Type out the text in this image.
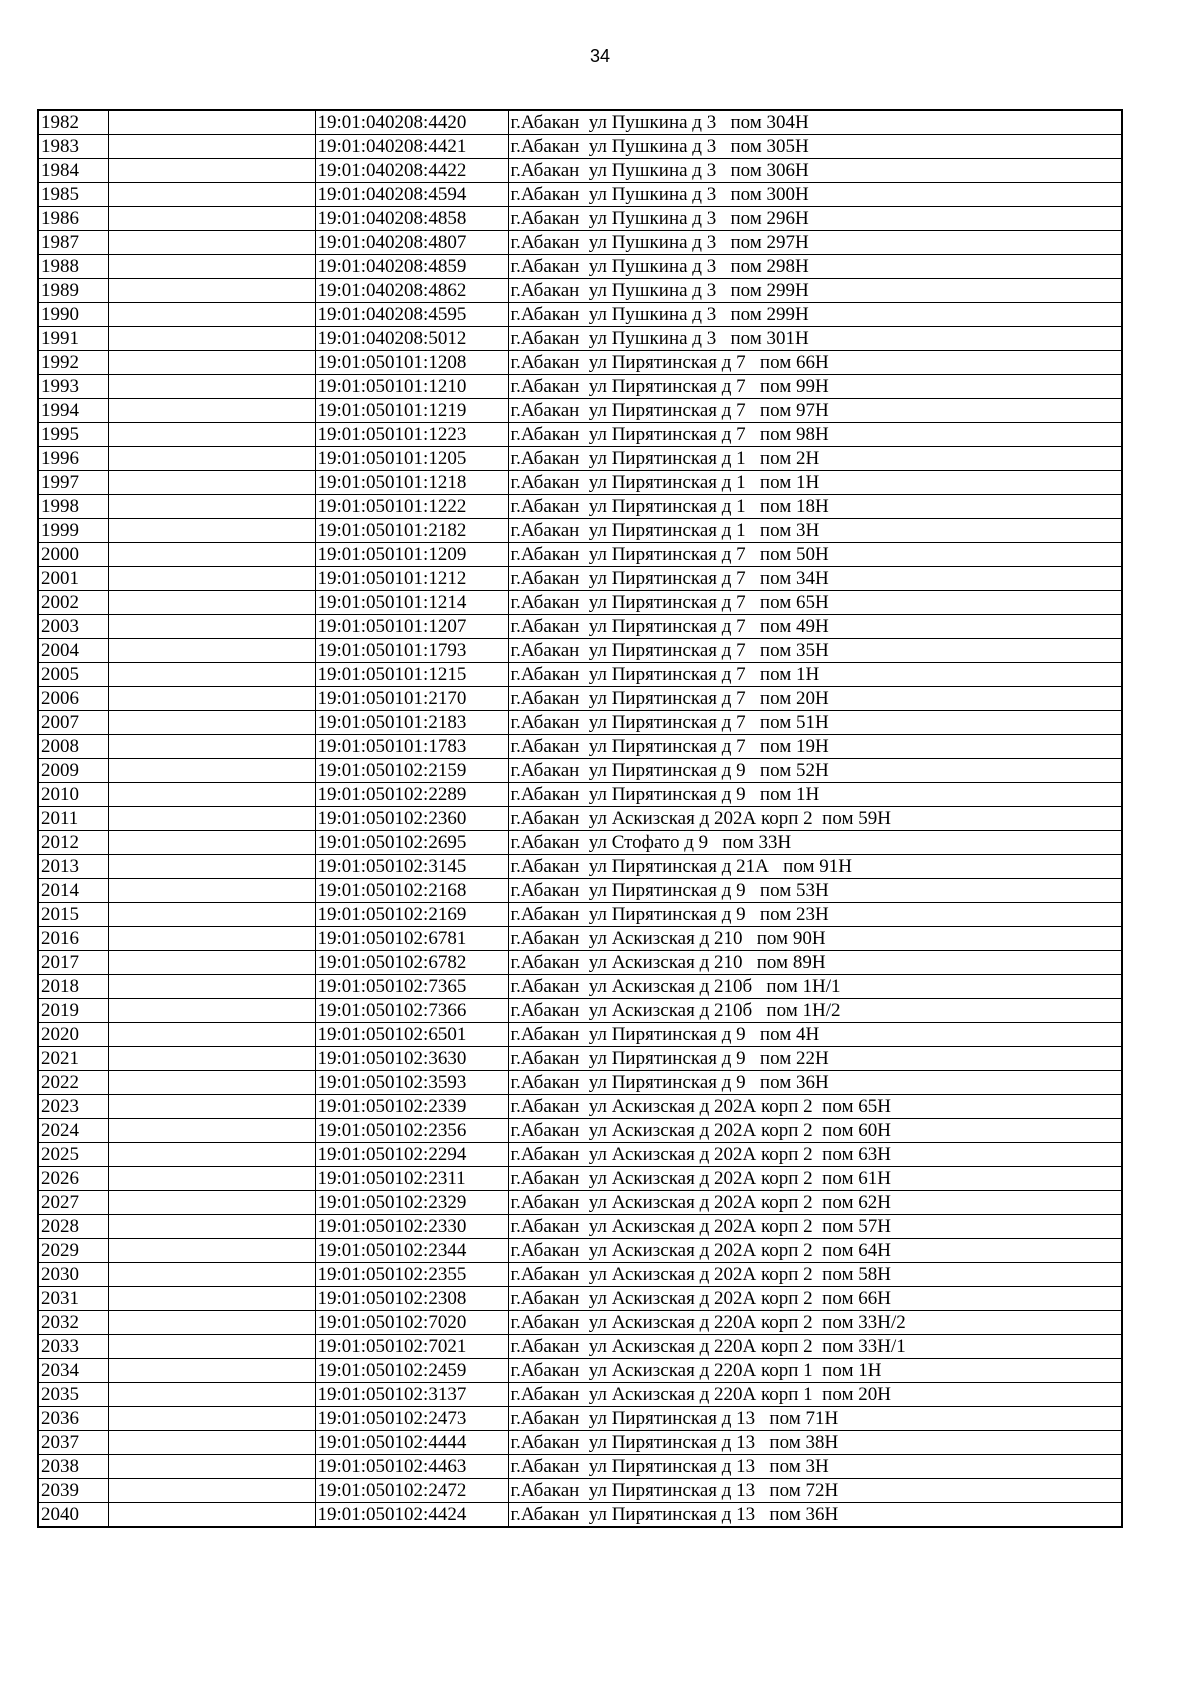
34
1982		19:01:040208:4420	г.Абакан  ул Пушкина д 3   пом 304Н
1983		19:01:040208:4421	г.Абакан  ул Пушкина д 3   пом 305Н
1984		19:01:040208:4422	г.Абакан  ул Пушкина д 3   пом 306Н
1985		19:01:040208:4594	г.Абакан  ул Пушкина д 3   пом 300Н
1986		19:01:040208:4858	г.Абакан  ул Пушкина д 3   пом 296Н
1987		19:01:040208:4807	г.Абакан  ул Пушкина д 3   пом 297Н
1988		19:01:040208:4859	г.Абакан  ул Пушкина д 3   пом 298Н
1989		19:01:040208:4862	г.Абакан  ул Пушкина д 3   пом 299Н
1990		19:01:040208:4595	г.Абакан  ул Пушкина д 3   пом 299Н
1991		19:01:040208:5012	г.Абакан  ул Пушкина д 3   пом 301Н
1992		19:01:050101:1208	г.Абакан  ул Пирятинская д 7   пом 66Н
1993		19:01:050101:1210	г.Абакан  ул Пирятинская д 7   пом 99Н
1994		19:01:050101:1219	г.Абакан  ул Пирятинская д 7   пом 97Н
1995		19:01:050101:1223	г.Абакан  ул Пирятинская д 7   пом 98Н
1996		19:01:050101:1205	г.Абакан  ул Пирятинская д 1   пом 2Н
1997		19:01:050101:1218	г.Абакан  ул Пирятинская д 1   пом 1Н
1998		19:01:050101:1222	г.Абакан  ул Пирятинская д 1   пом 18Н
1999		19:01:050101:2182	г.Абакан  ул Пирятинская д 1   пом 3Н
2000		19:01:050101:1209	г.Абакан  ул Пирятинская д 7   пом 50Н
2001		19:01:050101:1212	г.Абакан  ул Пирятинская д 7   пом 34Н
2002		19:01:050101:1214	г.Абакан  ул Пирятинская д 7   пом 65Н
2003		19:01:050101:1207	г.Абакан  ул Пирятинская д 7   пом 49Н
2004		19:01:050101:1793	г.Абакан  ул Пирятинская д 7   пом 35Н
2005		19:01:050101:1215	г.Абакан  ул Пирятинская д 7   пом 1Н
2006		19:01:050101:2170	г.Абакан  ул Пирятинская д 7   пом 20Н
2007		19:01:050101:2183	г.Абакан  ул Пирятинская д 7   пом 51Н
2008		19:01:050101:1783	г.Абакан  ул Пирятинская д 7   пом 19Н
2009		19:01:050102:2159	г.Абакан  ул Пирятинская д 9   пом 52Н
2010		19:01:050102:2289	г.Абакан  ул Пирятинская д 9   пом 1Н
2011		19:01:050102:2360	г.Абакан  ул Аскизская д 202А корп 2  пом 59Н
2012		19:01:050102:2695	г.Абакан  ул Стофато д 9   пом 33Н
2013		19:01:050102:3145	г.Абакан  ул Пирятинская д 21А   пом 91Н
2014		19:01:050102:2168	г.Абакан  ул Пирятинская д 9   пом 53Н
2015		19:01:050102:2169	г.Абакан  ул Пирятинская д 9   пом 23Н
2016		19:01:050102:6781	г.Абакан  ул Аскизская д 210   пом 90Н
2017		19:01:050102:6782	г.Абакан  ул Аскизская д 210   пом 89Н
2018		19:01:050102:7365	г.Абакан  ул Аскизская д 210б   пом 1Н/1
2019		19:01:050102:7366	г.Абакан  ул Аскизская д 210б   пом 1Н/2
2020		19:01:050102:6501	г.Абакан  ул Пирятинская д 9   пом 4Н
2021		19:01:050102:3630	г.Абакан  ул Пирятинская д 9   пом 22Н
2022		19:01:050102:3593	г.Абакан  ул Пирятинская д 9   пом 36Н
2023		19:01:050102:2339	г.Абакан  ул Аскизская д 202А корп 2  пом 65Н
2024		19:01:050102:2356	г.Абакан  ул Аскизская д 202А корп 2  пом 60Н
2025		19:01:050102:2294	г.Абакан  ул Аскизская д 202А корп 2  пом 63Н
2026		19:01:050102:2311	г.Абакан  ул Аскизская д 202А корп 2  пом 61Н
2027		19:01:050102:2329	г.Абакан  ул Аскизская д 202А корп 2  пом 62Н
2028		19:01:050102:2330	г.Абакан  ул Аскизская д 202А корп 2  пом 57Н
2029		19:01:050102:2344	г.Абакан  ул Аскизская д 202А корп 2  пом 64Н
2030		19:01:050102:2355	г.Абакан  ул Аскизская д 202А корп 2  пом 58Н
2031		19:01:050102:2308	г.Абакан  ул Аскизская д 202А корп 2  пом 66Н
2032		19:01:050102:7020	г.Абакан  ул Аскизская д 220А корп 2  пом 33Н/2
2033		19:01:050102:7021	г.Абакан  ул Аскизская д 220А корп 2  пом 33Н/1
2034		19:01:050102:2459	г.Абакан  ул Аскизская д 220А корп 1  пом 1Н
2035		19:01:050102:3137	г.Абакан  ул Аскизская д 220А корп 1  пом 20Н
2036		19:01:050102:2473	г.Абакан  ул Пирятинская д 13   пом 71Н
2037		19:01:050102:4444	г.Абакан  ул Пирятинская д 13   пом 38Н
2038		19:01:050102:4463	г.Абакан  ул Пирятинская д 13   пом 3Н
2039		19:01:050102:2472	г.Абакан  ул Пирятинская д 13   пом 72Н
2040		19:01:050102:4424	г.Абакан  ул Пирятинская д 13   пом 36Н
